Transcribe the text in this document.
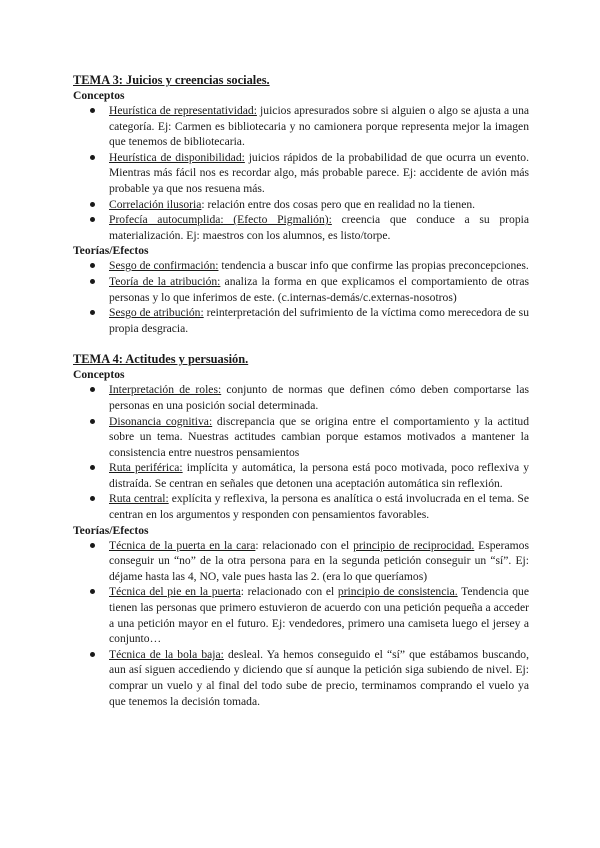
TEMA 3: Juicios y creencias sociales.

Conceptos

Heurística de representatividad: juicios apresurados sobre si alguien o algo se ajusta a una categoría. Ej: Carmen es bibliotecaria y no camionera porque representa mejor la imagen que tenemos de bibliotecaria.
Heurística de disponibilidad: juicios rápidos de la probabilidad de que ocurra un evento. Mientras más fácil nos es recordar algo, más probable parece. Ej: accidente de avión más probable ya que nos resuena más.
Correlación ilusoria: relación entre dos cosas pero que en realidad no la tienen.
Profecía autocumplida: (Efecto Pigmalión): creencia que conduce a su propia materialización. Ej: maestros con los alumnos, es listo/torpe.

Teorías/Efectos

Sesgo de confirmación: tendencia a buscar info que confirme las propias preconcepciones.
Teoría de la atribución: analiza la forma en que explicamos el comportamiento de otras personas y lo que inferimos de este. (c.internas-demás/c.externas-nosotros)
Sesgo de atribución: reinterpretación del sufrimiento de la víctima como merecedora de su propia desgracia.

TEMA 4: Actitudes y persuasión.

Conceptos

Interpretación de roles: conjunto de normas que definen cómo deben comportarse las personas en una posición social determinada.
Disonancia cognitiva: discrepancia que se origina entre el comportamiento y la actitud sobre un tema. Nuestras actitudes cambian porque estamos motivados a mantener la consistencia entre nuestros pensamientos
Ruta periférica: implícita y automática, la persona está poco motivada, poco reflexiva y distraída. Se centran en señales que detonen una aceptación automática sin reflexión.
Ruta central: explícita y reflexiva, la persona es analítica o está involucrada en el tema. Se centran en los argumentos y responden con pensamientos favorables.

Teorías/Efectos

Técnica de la puerta en la cara: relacionado con el principio de reciprocidad. Esperamos conseguir un “no” de la otra persona para en la segunda petición conseguir un “sí”. Ej: déjame hasta las 4, NO, vale pues hasta las 2. (era lo que queríamos)
Técnica del pie en la puerta: relacionado con el principio de consistencia. Tendencia que tienen las personas que primero estuvieron de acuerdo con una petición pequeña a acceder a una petición mayor en el futuro. Ej: vendedores, primero una camiseta luego el jersey a conjunto…
Técnica de la bola baja: desleal. Ya hemos conseguido el “sí” que estábamos buscando, aun así siguen accediendo y diciendo que sí aunque la petición siga subiendo de nivel. Ej: comprar un vuelo y al final del todo sube de precio, terminamos comprando el vuelo ya que tenemos la decisión tomada.
